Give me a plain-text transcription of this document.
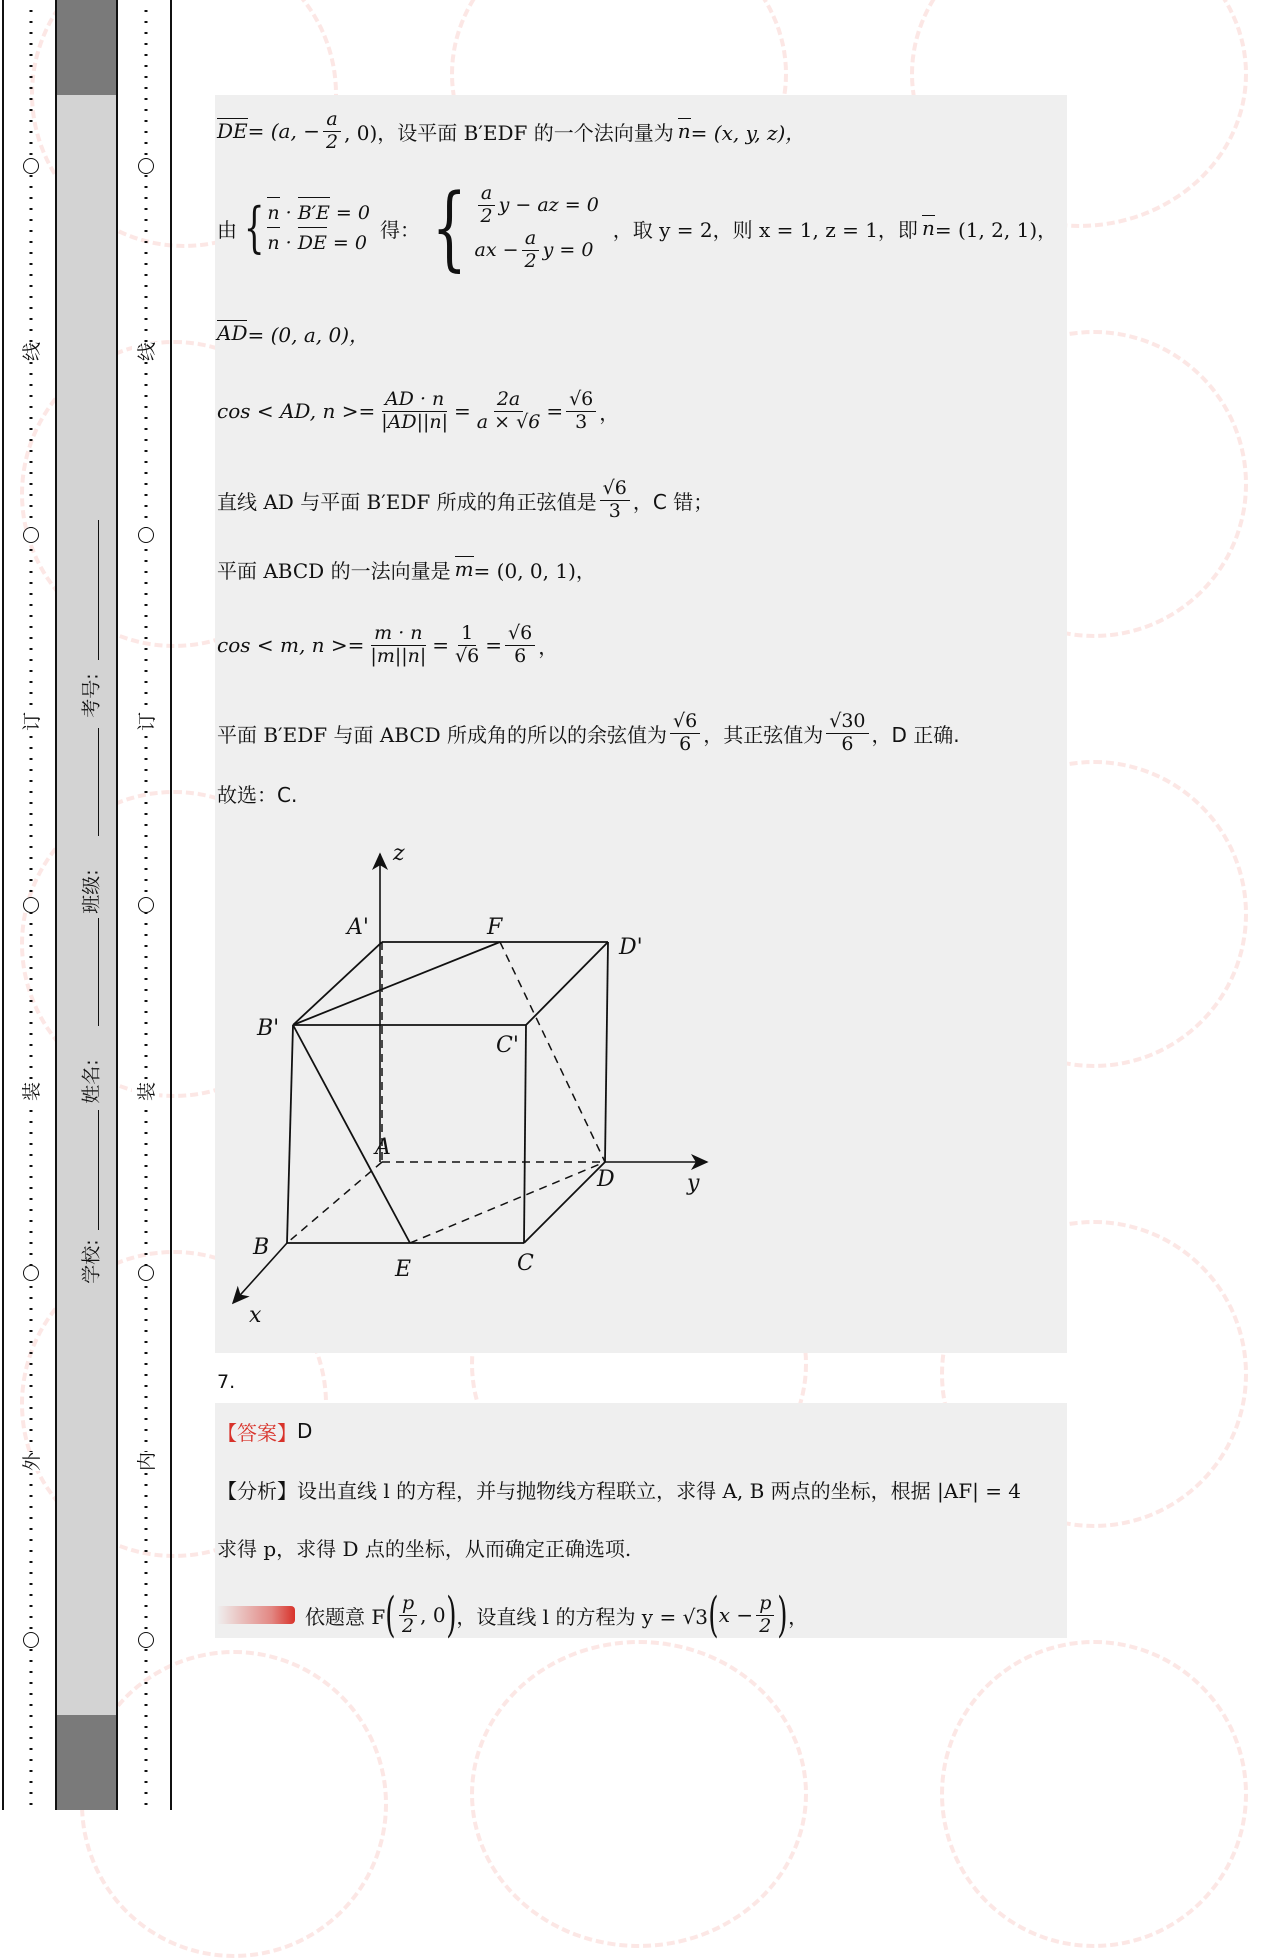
线
订
装
外
线
订
装
内
考号:
班级:
姓名:
学校:
DE = (a, − $\frac{a}{2}$ , 0)，设平面 B′EDF 的一个法向量为 n = (x, y, z)，
由 { n · B′E = 0
n · DE = 0
得： { $\frac{a}{2}$ y − az = 0
ax − $\frac{a}{2}$ y = 0
，取 y = 2，则 x = 1, z = 1，即 n = (1, 2, 1)，
AD = (0, a, 0)，
cos < AD, $n >= \frac{AD \cdot n}{|AD||n|} = \frac{2a}{a \times √6} = \frac{√6}{3}$ ，
直线 AD 与平面 B′EDF 所成的角正弦值是 $\frac{√6}{3}$ ，C 错；
平面 ABCD 的一法向量是 m = (0, 0, 1)，
cos < m, $n >= \frac{m \cdot n}{|m||n|} = \frac{1}{√6} = \frac{√6}{6}$ ，
平面 B′EDF 与面 ABCD 所成角的所以的余弦值为 $\frac{√6}{6}$ ，其正弦值为 $\frac{√30}{6}$ ，D 正确.
故选：C.
z
A'	F
D'
B'
C'
A
D	y
B
E	C
x
7.
【答案】 D
【分析】 设出直线 l 的方程，并与抛物线方程联立，求得 A, B 两点的坐标，根据 |AF| = 4
求得 p，求得 D 点的坐标，从而确定正确选项.
依题意 F ( $\frac{p}{2}$ , 0 ) ，设直线 l 的方程为 y = √3 ( $x - \frac{p}{2}$ ) ，
